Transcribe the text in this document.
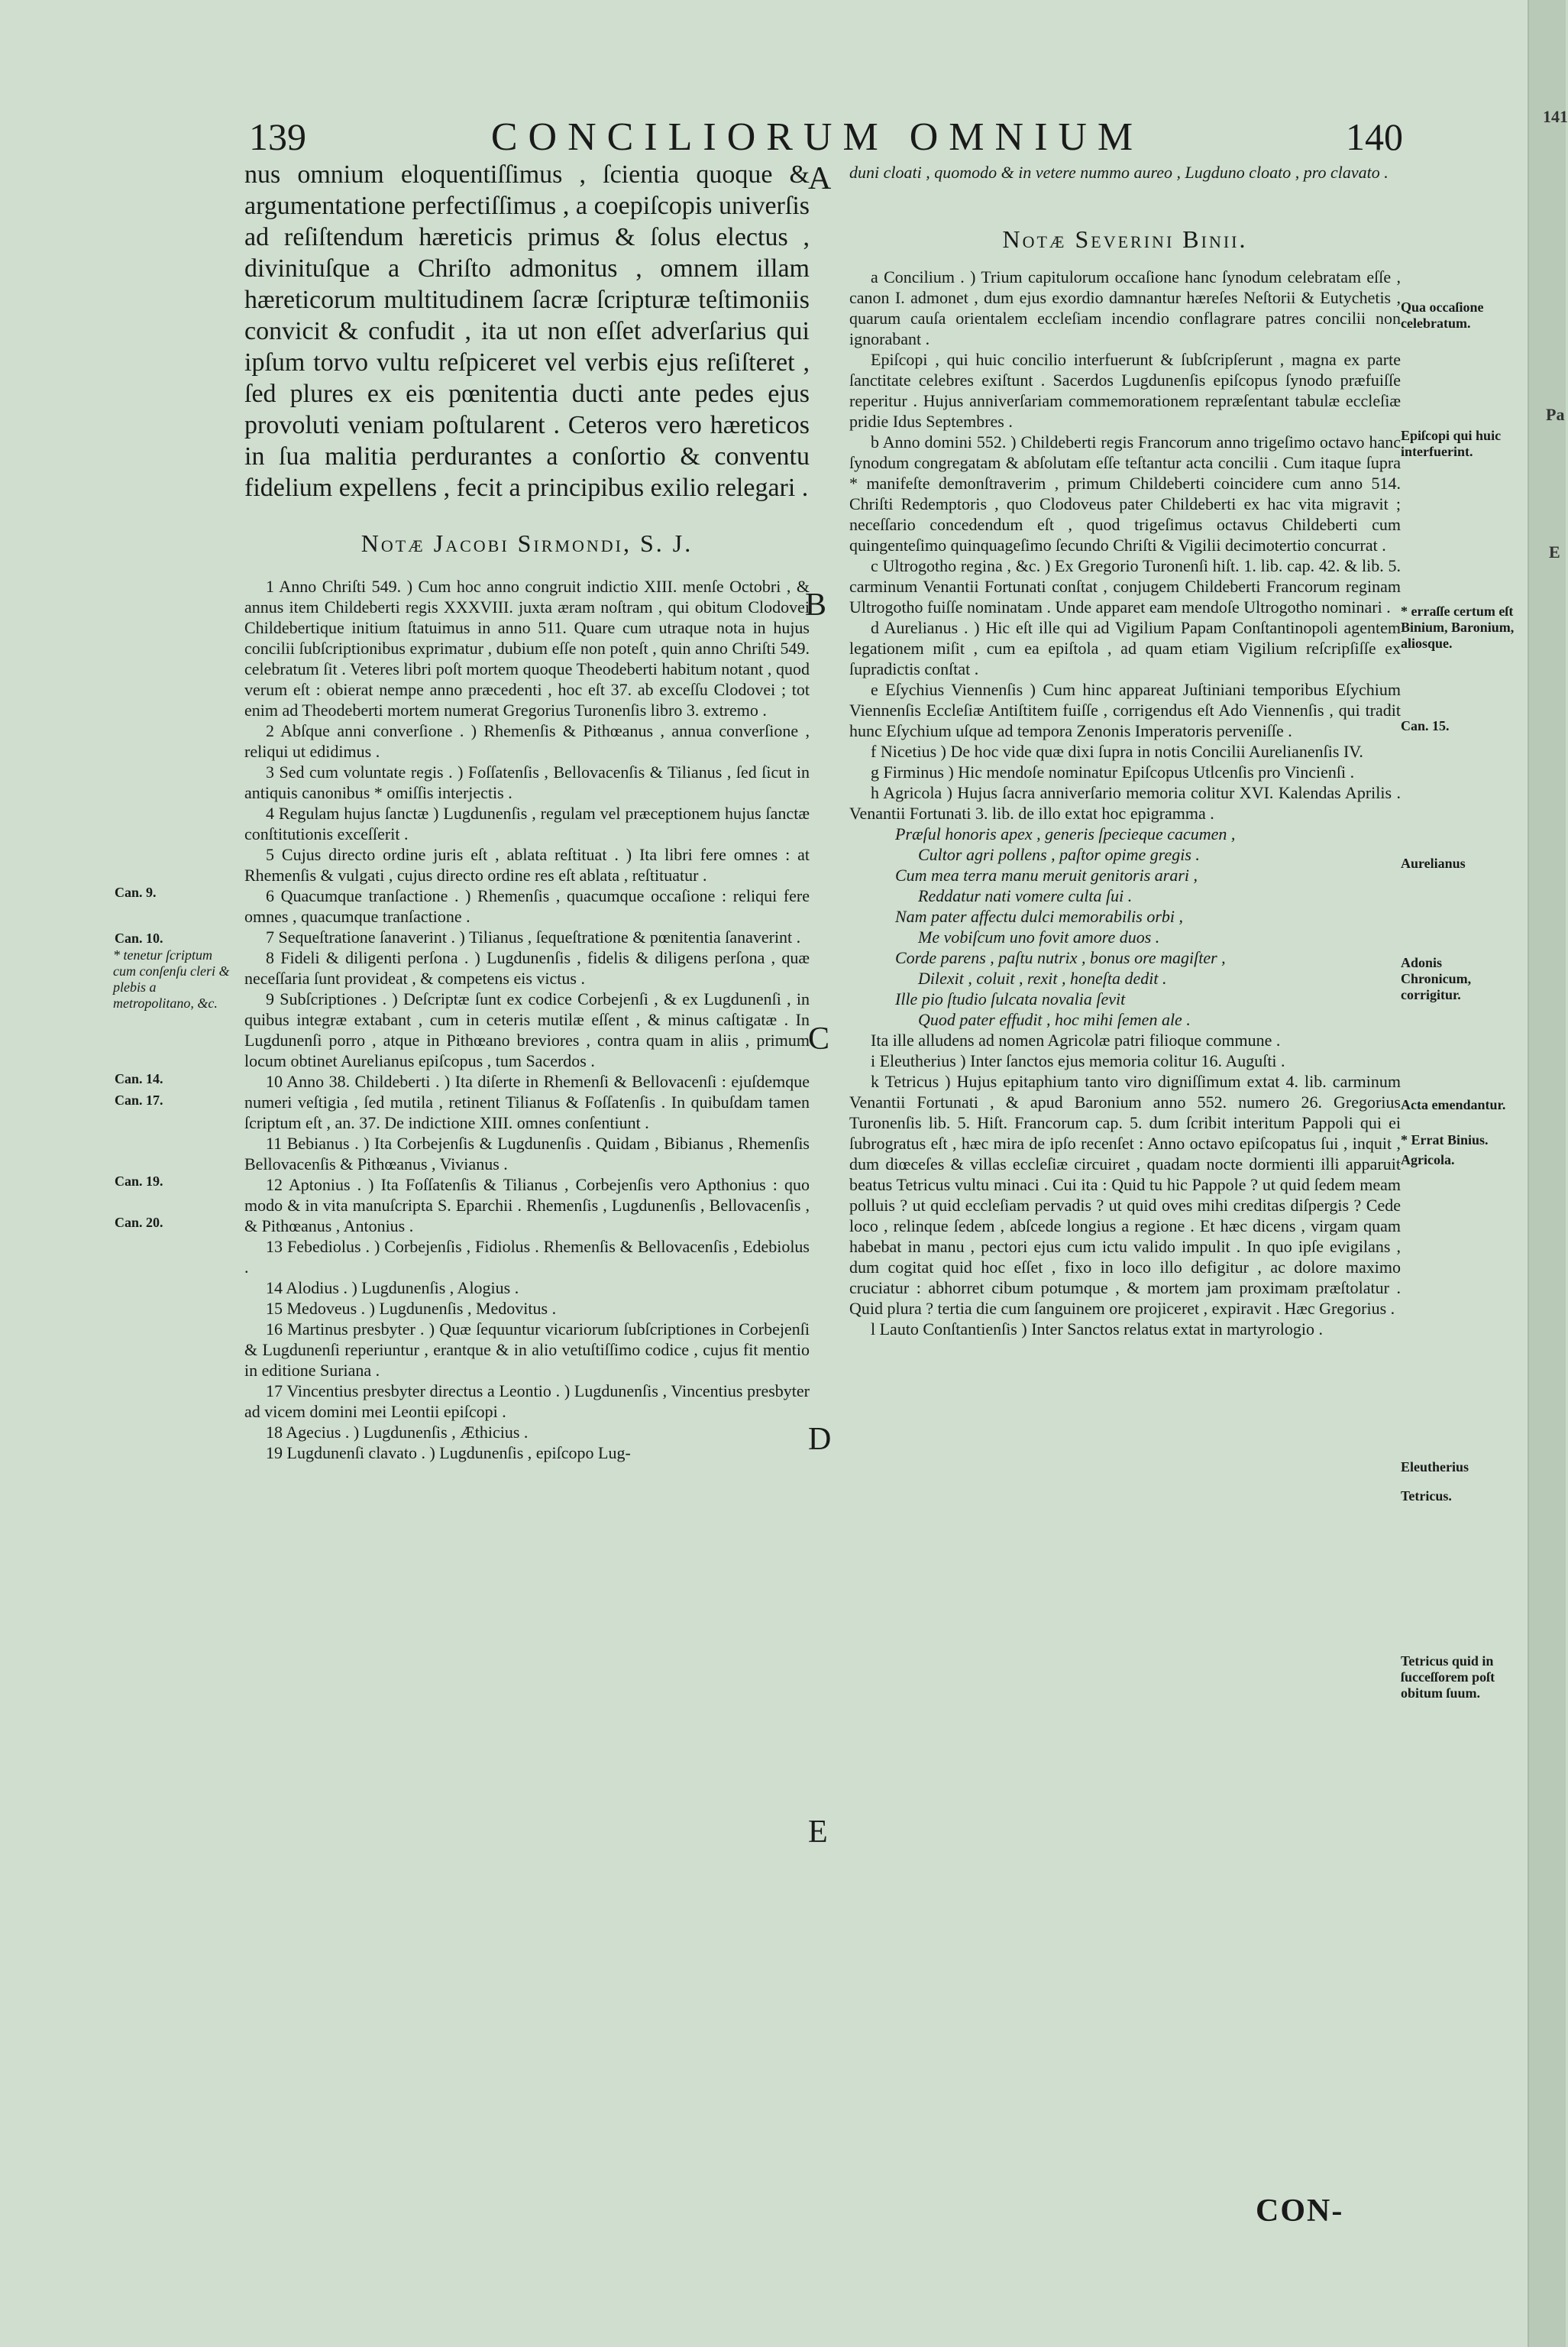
139	CONCILIORUM OMNIUM	140

nus omnium eloquentiſſimus , ſcientia quoque & argumentatione perfectiſſimus , a coepiſcopis univerſis ad reſiſtendum hæreticis primus & ſolus electus , divinituſque a Chriſto admonitus , omnem illam hæreticorum multitudinem ſacræ ſcripturæ teſtimoniis convicit & confudit , ita ut non eſſet adverſarius qui ipſum torvo vultu reſpiceret vel verbis ejus reſiſteret , ſed plures ex eis pœnitentia ducti ante pedes ejus provoluti veniam poſtularent . Ceteros vero hæreticos in ſua malitia perdurantes a conſortio & conventu fidelium expellens , fecit a principibus exilio relegari .

Notæ Jacobi Sirmondi, S. J.

1 Anno Chriſti 549. ) Cum hoc anno congruit indictio XIII. menſe Octobri , & annus item Childeberti regis XXXVIII. juxta æram noſtram , qui obitum Clodovei Childebertique initium ſtatuimus in anno 511. Quare cum utraque nota in hujus concilii ſubſcriptionibus exprimatur , dubium eſſe non poteſt , quin anno Chriſti 549. celebratum ſit . Veteres libri poſt mortem quoque Theodeberti habitum notant , quod verum eſt : obierat nempe anno præcedenti , hoc eſt 37. ab exceſſu Clodovei ; tot enim ad Theodeberti mortem numerat Gregorius Turonenſis libro 3. extremo .

2 Abſque anni converſione . ) Rhemenſis & Pithœanus , annua converſione , reliqui ut edidimus .

3 Sed cum voluntate regis . ) Foſſatenſis , Bellovacenſis & Tilianus , ſed ſicut in antiquis canonibus * omiſſis interjectis .

4 Regulam hujus ſanctæ ) Lugdunenſis , regulam vel præceptionem hujus ſanctæ conſtitutionis exceſſerit .

5 Cujus directo ordine juris eſt , ablata reſtituat . ) Ita libri fere omnes : at Rhemenſis & vulgati , cujus directo ordine res eſt ablata , reſtituatur .

6 Quacumque tranſactione . ) Rhemenſis , quacumque occaſione : reliqui fere omnes , quacumque tranſactione .

7 Sequeſtratione ſanaverint . ) Tilianus , ſequeſtratione & pœnitentia ſanaverint .

8 Fideli & diligenti perſona . ) Lugdunenſis , fidelis & diligens perſona , quæ neceſſaria ſunt provideat , & competens eis victus .

9 Subſcriptiones . ) Deſcriptæ ſunt ex codice Corbejenſi , & ex Lugdunenſi , in quibus integræ extabant , cum in ceteris mutilæ eſſent , & minus caſtigatæ . In Lugdunenſi porro , atque in Pithœano breviores , contra quam in aliis , primum locum obtinet Aurelianus epiſcopus , tum Sacerdos .

10 Anno 38. Childeberti . ) Ita diſerte in Rhemenſi & Bellovacenſi : ejuſdemque numeri veſtigia , ſed mutila , retinent Tilianus & Foſſatenſis . In quibuſdam tamen ſcriptum eſt , an. 37. De indictione XIII. omnes conſentiunt .

11 Bebianus . ) Ita Corbejenſis & Lugdunenſis . Quidam , Bibianus , Rhemenſis Bellovacenſis & Pithœanus , Vivianus .

12 Aptonius . ) Ita Foſſatenſis & Tilianus , Corbejenſis vero Apthonius : quo modo & in vita manuſcripta S. Eparchii . Rhemenſis , Lugdunenſis , Bellovacenſis , & Pithœanus , Antonius .

13 Febediolus . ) Corbejenſis , Fidiolus . Rhemenſis & Bellovacenſis , Edebiolus .

14 Alodius . ) Lugdunenſis , Alogius .

15 Medoveus . ) Lugdunenſis , Medovitus .

16 Martinus presbyter . ) Quæ ſequuntur vicariorum ſubſcriptiones in Corbejenſi & Lugdunenſi reperiuntur , erantque & in alio vetuſtiſſimo codice , cujus fit mentio in editione Suriana .

17 Vincentius presbyter directus a Leontio . ) Lugdunenſis , Vincentius presbyter ad vicem domini mei Leontii epiſcopi .

18 Agecius . ) Lugdunenſis , Æthicius .

19 Lugdunenſi clavato . ) Lugdunenſis , epiſcopo Lug-

duni cloati , quomodo & in vetere nummo aureo , Lugduno cloato , pro clavato .
Notæ Severini Binii.

a Concilium . ) Trium capitulorum occaſione hanc ſynodum celebratam eſſe , canon I. admonet , dum ejus exordio damnantur hæreſes Neſtorii & Eutychetis , quarum cauſa orientalem eccleſiam incendio conflagrare patres concilii non ignorabant .

Epiſcopi , qui huic concilio interfuerunt & ſubſcripſerunt , magna ex parte ſanctitate celebres exiſtunt . Sacerdos Lugdunenſis epiſcopus ſynodo præfuiſſe reperitur . Hujus anniverſariam commemorationem repræſentant tabulæ eccleſiæ pridie Idus Septembres .

b Anno domini 552. ) Childeberti regis Francorum anno trigeſimo octavo hanc ſynodum congregatam & abſolutam eſſe teſtantur acta concilii . Cum itaque ſupra * manifeſte demonſtraverim , primum Childeberti coincidere cum anno 514. Chriſti Redemptoris , quo Clodoveus pater Childeberti ex hac vita migravit ; neceſſario concedendum eſt , quod trigeſimus octavus Childeberti cum quingenteſimo quinquageſimo ſecundo Chriſti & Vigilii decimotertio concurrat .

c Ultrogotho regina , &c. ) Ex Gregorio Turonenſi hiſt. 1. lib. cap. 42. & lib. 5. carminum Venantii Fortunati conſtat , conjugem Childeberti Francorum reginam Ultrogotho fuiſſe nominatam . Unde apparet eam mendoſe Ultrogotho nominari .

d Aurelianus . ) Hic eſt ille qui ad Vigilium Papam Conſtantinopoli agentem legationem miſit , cum ea epiſtola , ad quam etiam Vigilium reſcripſiſſe ex ſupradictis conſtat .

e Eſychius Viennenſis ) Cum hinc appareat Juſtiniani temporibus Eſychium Viennenſis Eccleſiæ Antiſtitem fuiſſe , corrigendus eſt Ado Viennenſis , qui tradit hunc Eſychium uſque ad tempora Zenonis Imperatoris perveniſſe .

f Nicetius ) De hoc vide quæ dixi ſupra in notis Concilii Aurelianenſis IV.

g Firminus ) Hic mendoſe nominatur Epiſcopus Utlcenſis pro Vincienſi .

h Agricola ) Hujus ſacra anniverſario memoria colitur XVI. Kalendas Aprilis . Venantii Fortunati 3. lib. de illo extat hoc epigramma .

Præſul honoris apex , generis ſpecieque cacumen ,

Cultor agri pollens , paſtor opime gregis .

Cum mea terra manu meruit genitoris arari ,

Reddatur nati vomere culta ſui .

Nam pater affectu dulci memorabilis orbi ,

Me vobiſcum uno fovit amore duos .

Corde parens , paſtu nutrix , bonus ore magiſter ,

Dilexit , coluit , rexit , honeſta dedit .

Ille pio ſtudio ſulcata novalia ſevit

Quod pater effudit , hoc mihi ſemen ale .

Ita ille alludens ad nomen Agricolæ patri filioque commune .

i Eleutherius ) Inter ſanctos ejus memoria colitur 16. Auguſti .

k Tetricus ) Hujus epitaphium tanto viro digniſſimum extat 4. lib. carminum Venantii Fortunati , & apud Baronium anno 552. numero 26. Gregorius Turonenſis lib. 5. Hiſt. Francorum cap. 5. dum ſcribit interitum Pappoli qui ei ſubrogratus eſt , hæc mira de ipſo recenſet : Anno octavo epiſcopatus ſui , inquit , dum diœceſes & villas eccleſiæ circuiret , quadam nocte dormienti illi apparuit beatus Tetricus vultu minaci . Cui ita : Quid tu hic Pappole ? ut quid ſedem meam polluis ? ut quid eccleſiam pervadis ? ut quid oves mihi creditas diſpergis ? Cede loco , relinque ſedem , abſcede longius a regione . Et hæc dicens , virgam quam habebat in manu , pectori ejus cum ictu valido impulit . In quo ipſe evigilans , dum cogitat quid hoc eſſet , fixo in loco illo defigitur , ac dolore maximo cruciatur : abhorret cibum potumque , & mortem jam proximam præſtolatur . Quid plura ? tertia die cum ſanguinem ore projiceret , expiravit . Hæc Gregorius .

l Lauto Conſtantienſis ) Inter Sanctos relatus extat in martyrologio .

A
B
C
D
E
Can. 9.
Can. 10.
* tenetur ſcriptum cum conſenſu cleri & plebis a metropolitano, &c.
Can. 14.
Can. 17.
Can. 19.
Can. 20.
Qua occaſione celebratum.
Epiſcopi qui huic interfuerint.
* erraſſe certum eſt Binium, Baronium, aliosque.
Can. 15.
Aurelianus
Adonis Chronicum, corrigitur.
Acta emendantur.
* Errat Binius.
Agricola.
Eleutherius
Tetricus.
Tetricus quid in ſucceſſorem poſt obitum ſuum.
CON-
141
Pa
E
